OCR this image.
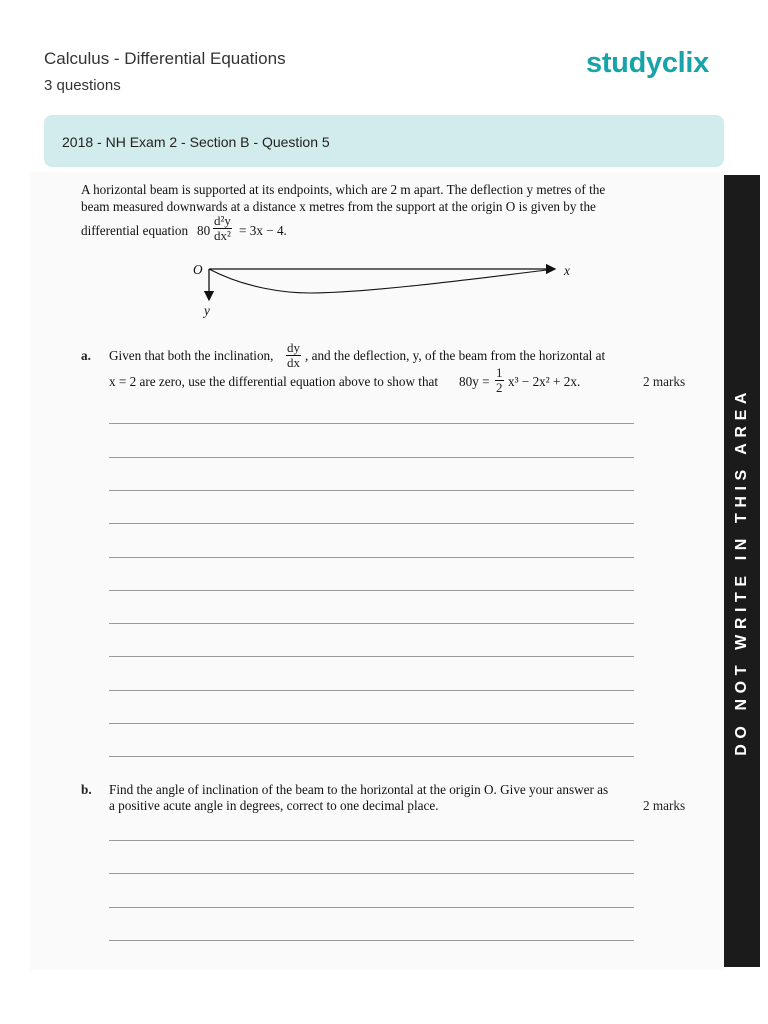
Calculus - Differential Equations
3 questions
studyclix
2018 - NH Exam 2 - Section B - Question 5
A horizontal beam is supported at its endpoints, which are 2 m apart. The deflection y metres of the
beam measured downwards at a distance x metres from the support at the origin O is given by the
differential equation $80 \frac{\text{d²y}}{\text{dx²}} = 3x - 4$.
O	x
y
a. Given that both the inclination, $\frac{dy}{dx}$ , and the deflection, y, of the beam from the horizontal at
x = 2 are zero, use the differential equation above to show that $80y = \frac{1}{2} x^3 - 2x^2 + 2x$.	2 marks
b. Find the angle of inclination of the beam to the horizontal at the origin O. Give your answer as
a positive acute angle in degrees, correct to one decimal place.	2 marks
DO NOT WRITE IN THIS AREA
